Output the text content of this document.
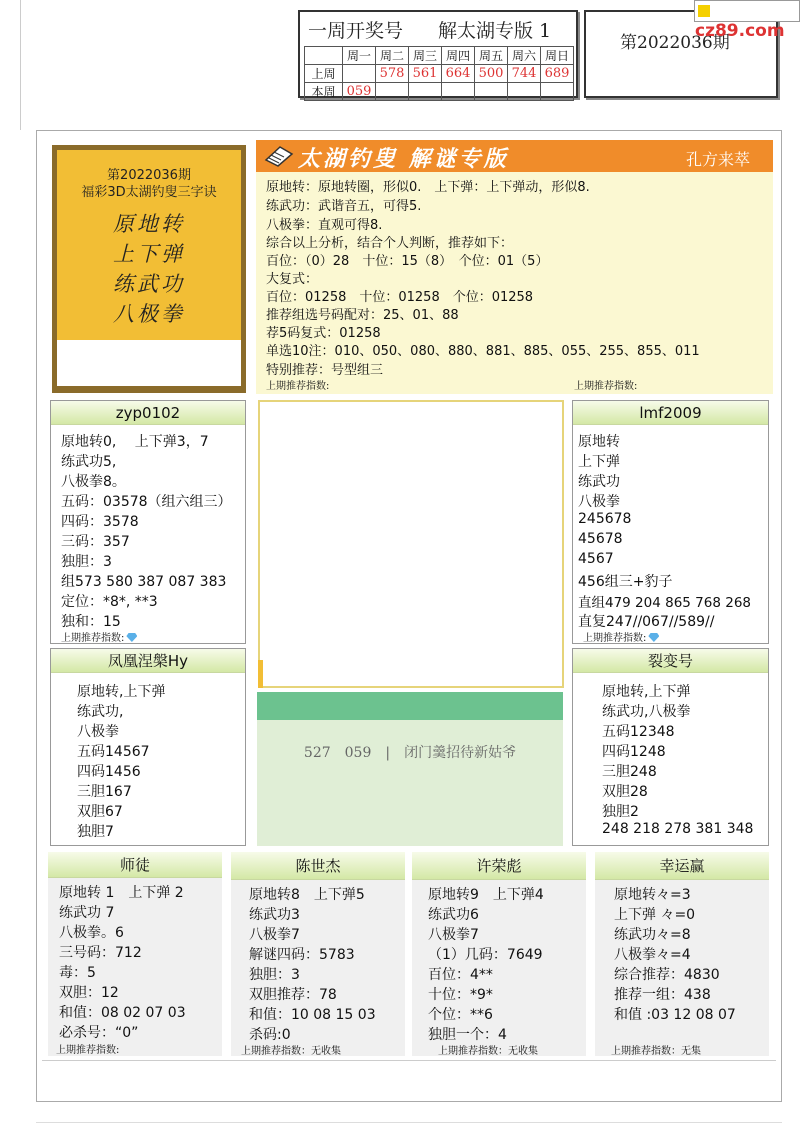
一周开奖号 解太湖专版 1
	周一	周二	周三	周四	周五	周六	周日
上周		578	561	664	500	744	689
本周	059						
第2022036期
cz89.com
第2022036期
福彩3D太湖钓叟三字诀
原地转
上下弹
练武功
八极拳
太湖钓叟 解谜专版	孔方来萃
原地转：原地转圈，形似0.　上下弹：上下弹动，形似8.
练武功：武谐音五，可得5.
八极拳：直观可得8.
综合以上分析，结合个人判断，推荐如下：
百位：（0）28　十位：15（8）　个位：01（5）
大复式：
百位：01258　十位：01258　个位：01258
推荐组选号码配对：25、01、88
荐5码复式：01258
单选10注：010、050、080、880、881、885、055、255、855、011
特别推荐：号型组三
上期推荐指数:	上期推荐指数:
zyp0102
原地转0,　 上下弹3，7
练武功5,
八极拳8。
五码：03578（组六组三）
四码：3578
三码：357
独胆：3
组573 580 387 087 383
定位：*8*, **3
独和：15
上期推荐指数:
lmf2009
原地转
上下弹
练武功
八极拳
245678
45678
4567
456组三+豹子
直组479 204 865 768 268
直复247//067//589//
上期推荐指数:
凤凰涅槃Hy
原地转,上下弹
练武功,
八极拳
五码14567
四码1456
三胆167
双胆67
独胆7
527　059　|　闭门羹招待新姑爷
裂变号
原地转,上下弹
练武功,八极拳
五码12348
四码1248
三胆248
双胆28
独胆2
248 218 278 381 348
师徒
原地转 1　上下弹 2
练武功 7
八极拳。6
三号码：712
毒：5
双胆：12
和值：08 02 07 03
必杀号：“0”
上期推荐指数:
陈世杰
原地转8　上下弹5
练武功3
八极拳7
解谜四码：5783
独胆：3
双胆推荐：78
和值：10 08 15 03
杀码:0
上期推荐指数：无收集
许荣彪
原地转9　上下弹4
练武功6
八极拳7
（1）几码：7649
百位：4**
十位：*9*
个位：**6
独胆一个：4
上期推荐指数：无收集
幸运赢
原地转々=3
上下弹 々=0
练武功々=8
八极拳々=4
综合推荐：4830
推荐一组：438
和值 :03 12 08 07
上期推荐指数：无集
